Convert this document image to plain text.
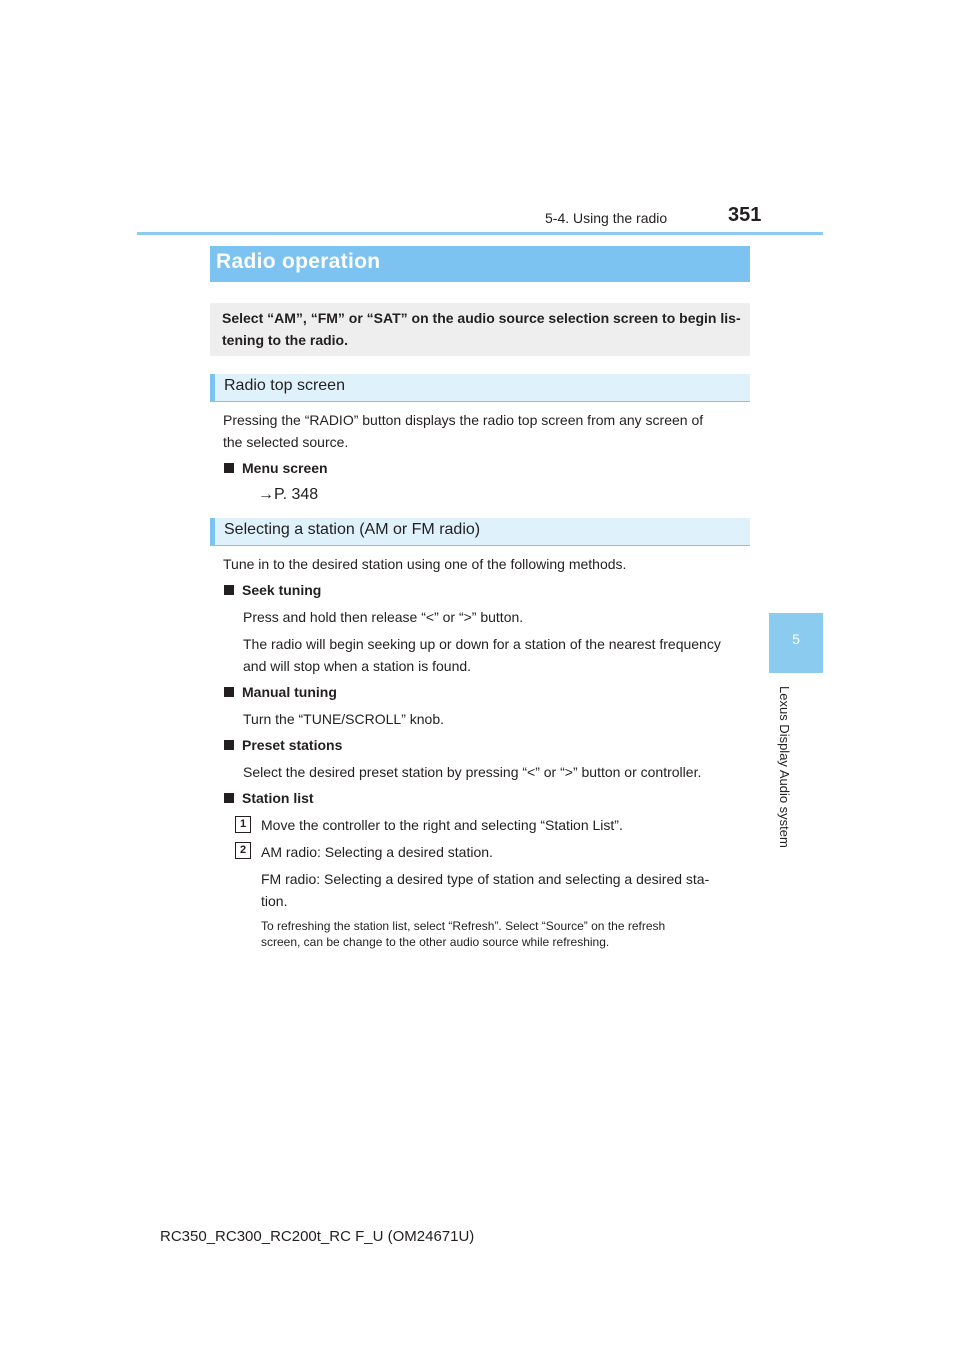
5-4. Using the radio	351
5
Lexus Display Audio system
Radio operation

Select “AM”, “FM” or “SAT” on the audio source selection screen to begin lis-
tening to the radio.

Radio top screen
Pressing the “RADIO” button displays the radio top screen from any screen of
the selected source.
Menu screen
→P. 348
Selecting a station (AM or FM radio)
Tune in to the desired station using one of the following methods.
Seek tuning
Press and hold then release “<” or “>” button.
The radio will begin seeking up or down for a station of the nearest frequency
and will stop when a station is found.
Manual tuning
Turn the “TUNE/SCROLL” knob.
Preset stations
Select the desired preset station by pressing “<” or “>” button or controller.
Station list
1	Move the controller to the right and selecting “Station List”.
2	AM radio: Selecting a desired station.
FM radio: Selecting a desired type of station and selecting a desired sta-
tion.
To refreshing the station list, select “Refresh”. Select “Source” on the refresh
screen, can be change to the other audio source while refreshing.
RC350_RC300_RC200t_RC F_U (OM24671U)
